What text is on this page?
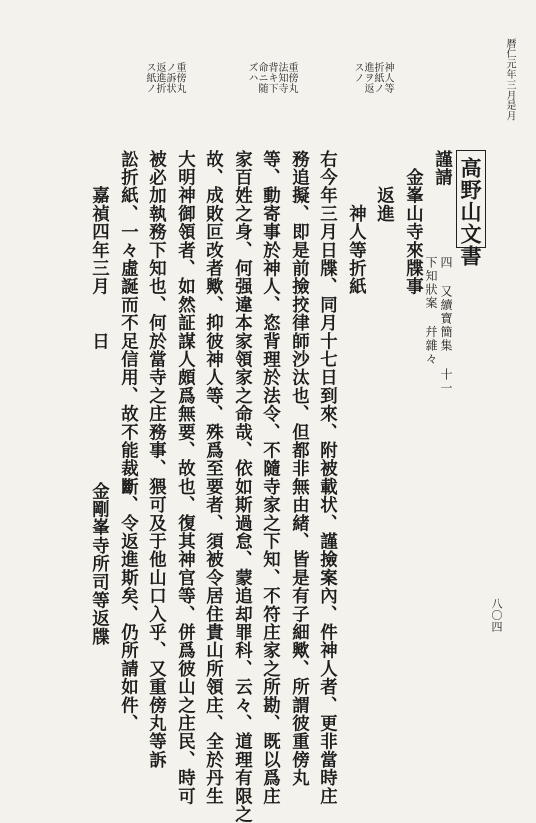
暦仁元年三月是月
八〇四

神人等
折紙ノ
進ヲ返
スノ

重傍丸
法知寺
背キ下
命ニ随
ズハ

重傍丸
ノ訴状
返進折
ス紙ノ

高野山文書
四 又續寶簡集 十一
下知狀案 幷雜々
謹請
　金峯山寺來牒事
　　返進
　　　神人等折紙
右今年三月日牒、同月十七日到來、附被載状、謹撿案內、件神人者、更非當時庄
務追擬、即是前撿挍律師沙汰也、但都非無由緒、皆是有子細歟、所謂彼重傍丸
等、動寄事於神人、恣背理於法令、不隨寺家之下知、不符庄家之所勘、既以爲庄
家百姓之身、何强違本家領家之命哉、依如斯過怠、蒙追却罪科、云々、道理有限之
故、成敗叵改者歟、抑彼神人等、殊爲至要者、須被令居住貴山所領庄、全於丹生
大明神御領者、如然証謀人頗爲無要、故也、復其神官等、併爲彼山之庄民、時可
被必加執務下知也、何於當寺之庄務事、猥可及于他山口入乎、又重傍丸等訴
訟折紙、一々虛誕而不足信用、故不能裁斷、令返進斯矣、仍所請如件、
　　嘉禎四年三月　　日
金剛峯寺所司等返牒
